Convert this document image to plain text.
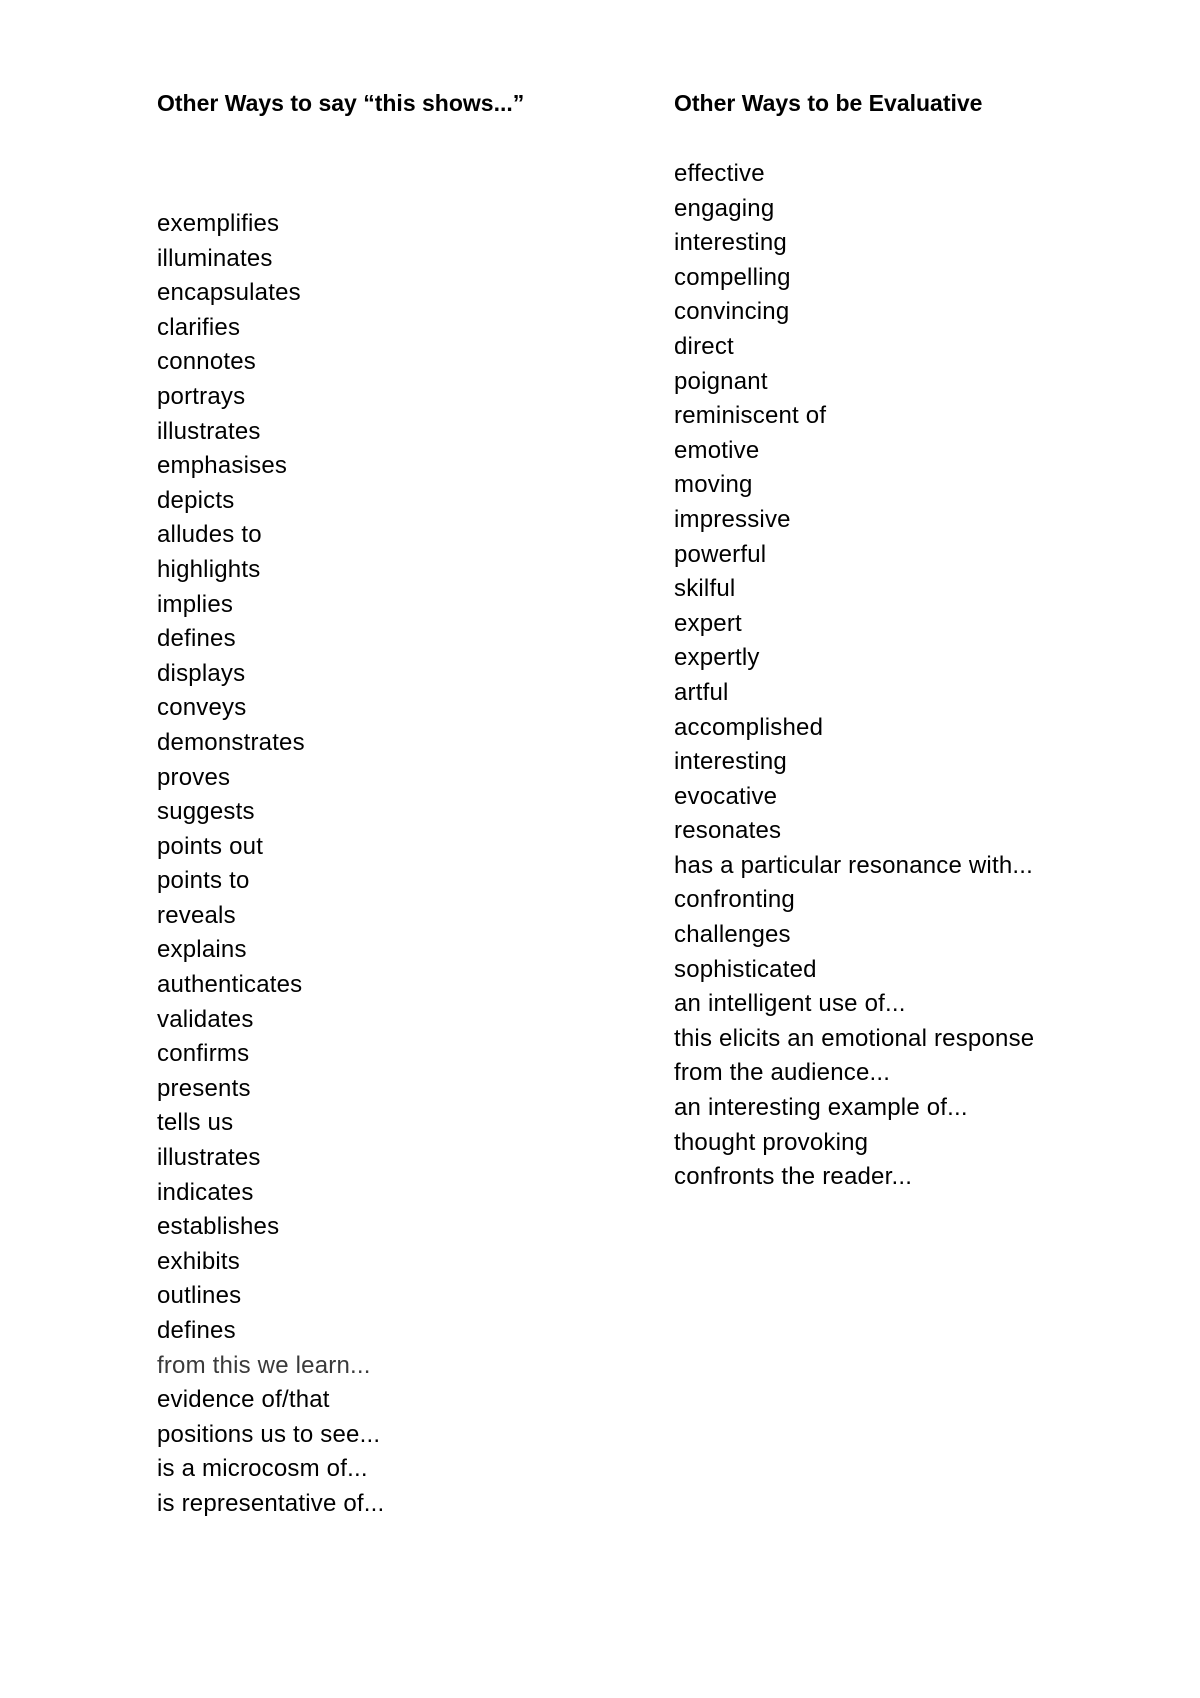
Other Ways to say “this shows...”
exemplifies
illuminates
encapsulates
clarifies
connotes
portrays
illustrates
emphasises
depicts
alludes to
highlights
implies
defines
displays
conveys
demonstrates
proves
suggests
points out
points to
reveals
explains
authenticates
validates
confirms
presents
tells us
illustrates
indicates
establishes
exhibits
outlines
defines
from this we learn...
evidence of/that
positions us to see...
is a microcosm of...
is representative of...
Other Ways to be Evaluative
effective
engaging
interesting
compelling
convincing
direct
poignant
reminiscent of
emotive
moving
impressive
powerful
skilful
expert
expertly
artful
accomplished
interesting
evocative
resonates
has a particular resonance with...
confronting
challenges
sophisticated
an intelligent use of...
this elicits an emotional response
from the audience...
an interesting example of...
thought provoking
confronts the reader...
